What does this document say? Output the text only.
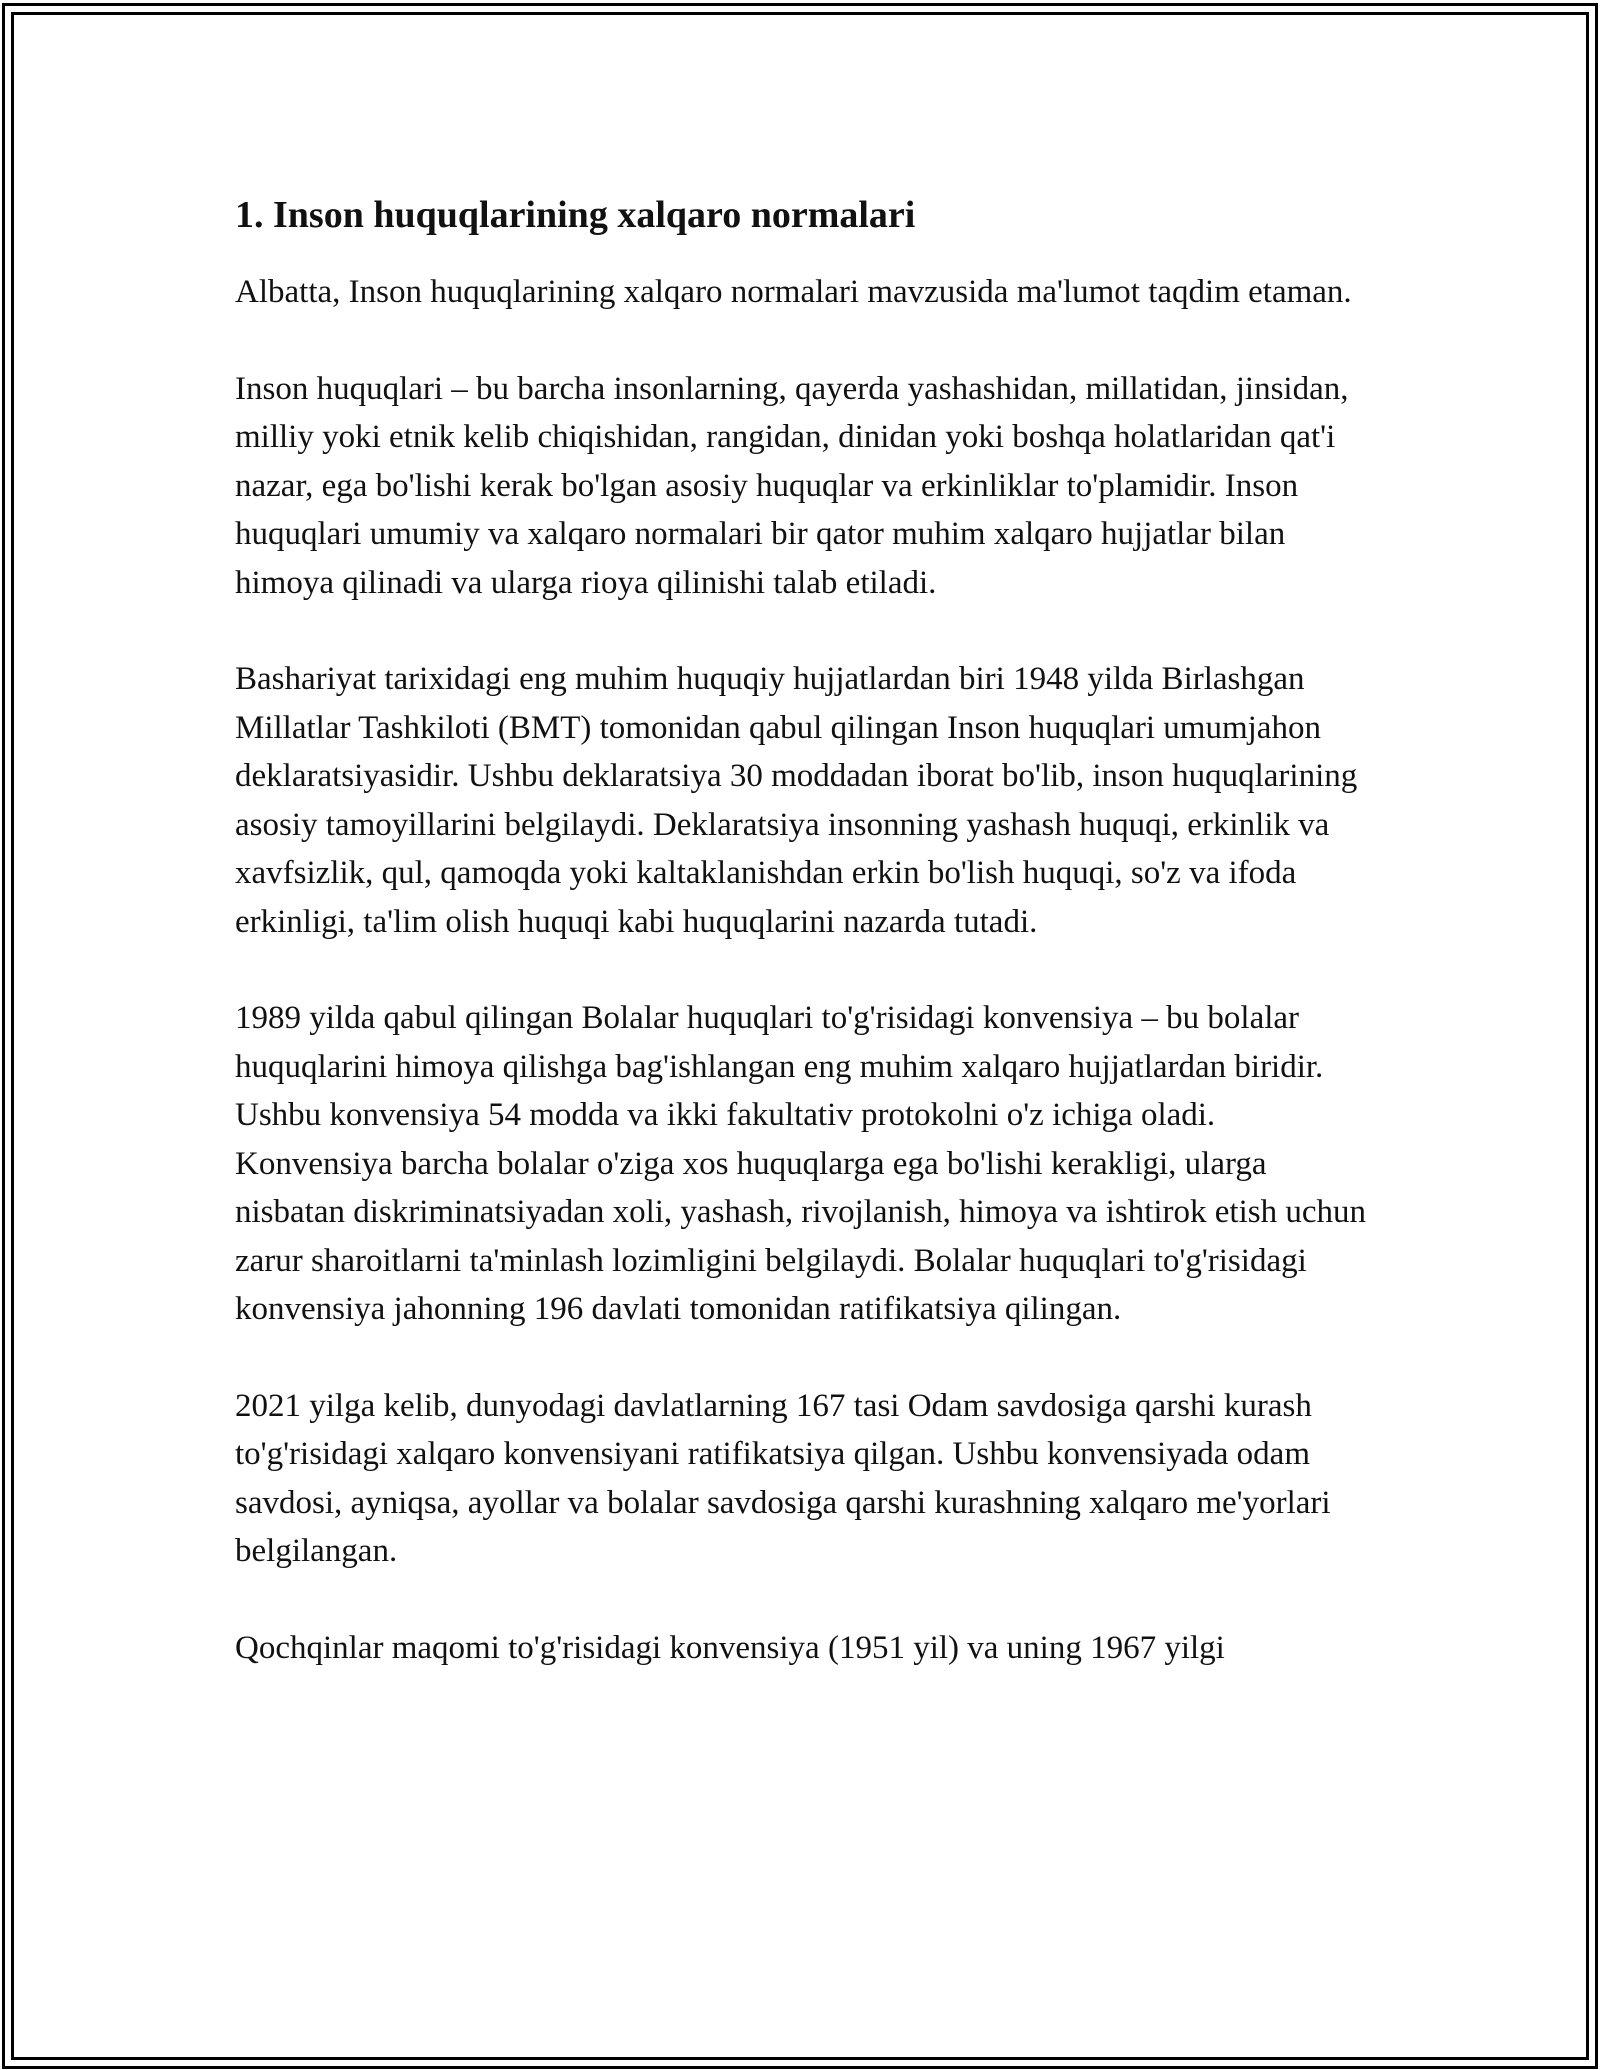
1. Inson huquqlarining xalqaro normalari

Albatta, Inson huquqlarining xalqaro normalari mavzusida ma'lumot taqdim etaman.

Inson huquqlari – bu barcha insonlarning, qayerda yashashidan, millatidan, jinsidan, milliy yoki etnik kelib chiqishidan, rangidan, dinidan yoki boshqa holatlaridan qat'i nazar, ega bo'lishi kerak bo'lgan asosiy huquqlar va erkinliklar to'plamidir. Inson huquqlari umumiy va xalqaro normalari bir qator muhim xalqaro hujjatlar bilan himoya qilinadi va ularga rioya qilinishi talab etiladi.

Bashariyat tarixidagi eng muhim huquqiy hujjatlardan biri 1948 yilda Birlashgan Millatlar Tashkiloti (BMT) tomonidan qabul qilingan Inson huquqlari umumjahon deklaratsiyasidir. Ushbu deklaratsiya 30 moddadan iborat bo'lib, inson huquqlarining asosiy tamoyillarini belgilaydi. Deklaratsiya insonning yashash huquqi, erkinlik va xavfsizlik, qul, qamoqda yoki kaltaklanishdan erkin bo'lish huquqi, so'z va ifoda erkinligi, ta'lim olish huquqi kabi huquqlarini nazarda tutadi.

1989 yilda qabul qilingan Bolalar huquqlari to'g'risidagi konvensiya – bu bolalar huquqlarini himoya qilishga bag'ishlangan eng muhim xalqaro hujjatlardan biridir. Ushbu konvensiya 54 modda va ikki fakultativ protokolni o'z ichiga oladi. Konvensiya barcha bolalar o'ziga xos huquqlarga ega bo'lishi kerakligi, ularga nisbatan diskriminatsiyadan xoli, yashash, rivojlanish, himoya va ishtirok etish uchun zarur sharoitlarni ta'minlash lozimligini belgilaydi. Bolalar huquqlari to'g'risidagi konvensiya jahonning 196 davlati tomonidan ratifikatsiya qilingan.

2021 yilga kelib, dunyodagi davlatlarning 167 tasi Odam savdosiga qarshi kurash to'g'risidagi xalqaro konvensiyani ratifikatsiya qilgan. Ushbu konvensiyada odam savdosi, ayniqsa, ayollar va bolalar savdosiga qarshi kurashning xalqaro me'yorlari belgilangan.

Qochqinlar maqomi to'g'risidagi konvensiya (1951 yil) va uning 1967 yilgi
